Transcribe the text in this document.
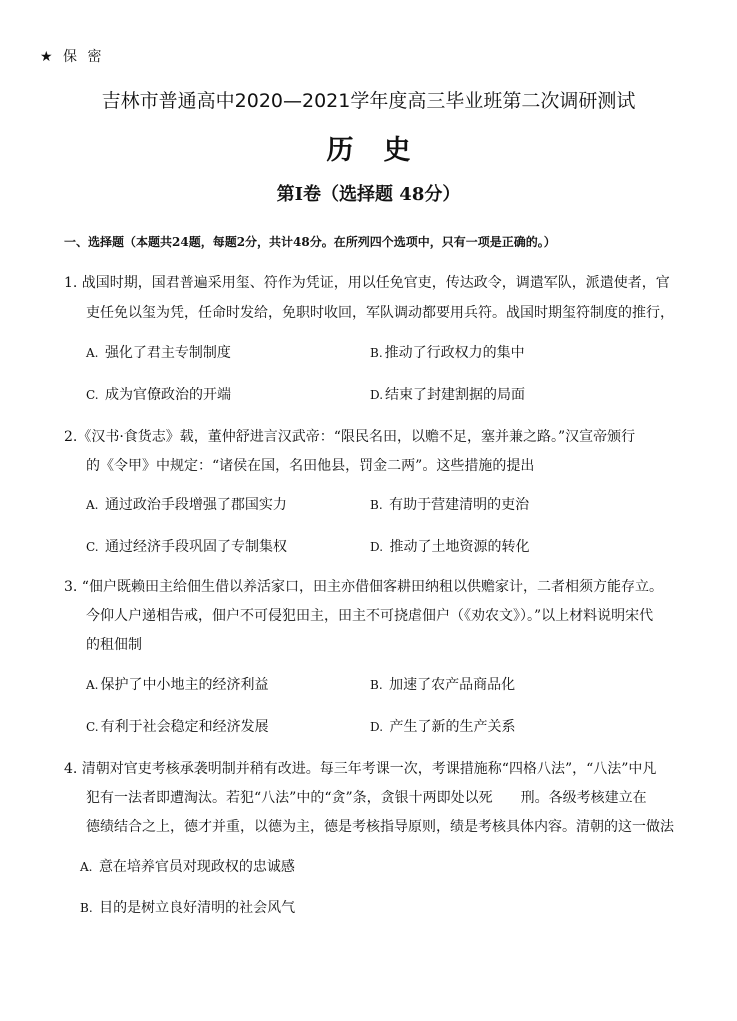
★ 保 密
吉林市普通高中2020—2021学年度高三毕业班第二次调研测试
历史
第Ⅰ卷（选择题 48分）
一、选择题（本题共24题，每题2分，共计48分。在所列四个选项中，只有一项是正确的。）
1. 战国时期，国君普遍采用玺、符作为凭证，用以任免官吏，传达政令，调遣军队，派遣使者，官
吏任免以玺为凭，任命时发给，免职时收回，军队调动都要用兵符。战国时期玺符制度的推行，
A. 强化了君主专制制度	B. 推动了行政权力的集中
C. 成为官僚政治的开端	D. 结束了封建割据的局面
2.《汉书·食货志》载，董仲舒进言汉武帝：“限民名田，以赡不足，塞并兼之路。”汉宣帝颁行
的《令甲》中规定：“诸侯在国，名田他县，罚金二两”。这些措施的提出
A. 通过政治手段增强了郡国实力	B. 有助于营建清明的吏治
C. 通过经济手段巩固了专制集权	D. 推动了土地资源的转化
3. “佃户既赖田主给佃生借以养活家口，田主亦借佃客耕田纳租以供赡家计，二者相须方能存立。
今仰人户递相告戒，佃户不可侵犯田主，田主不可挠虐佃户（《劝农文》）。”以上材料说明宋代
的租佃制
A. 保护了中小地主的经济利益	B. 加速了农产品商品化
C. 有利于社会稳定和经济发展	D. 产生了新的生产关系
4. 清朝对官吏考核承袭明制并稍有改进。每三年考课一次，考课措施称“四格八法”，“八法”中凡
犯有一法者即遭淘汰。若犯“八法”中的“贪”条，贪银十两即处以死　　刑。各级考核建立在
德绩结合之上，德才并重，以德为主，德是考核指导原则，绩是考核具体内容。清朝的这一做法
A. 意在培养官员对现政权的忠诚感
B. 目的是树立良好清明的社会风气
